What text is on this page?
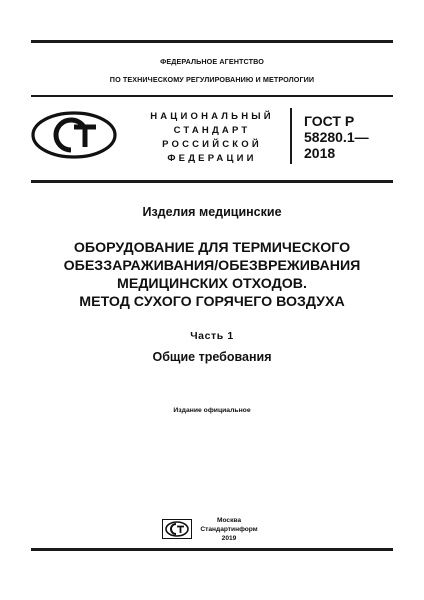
ФЕДЕРАЛЬНОЕ АГЕНТСТВО
ПО ТЕХНИЧЕСКОМУ РЕГУЛИРОВАНИЮ И МЕТРОЛОГИИ
НАЦИОНАЛЬНЫЙ
СТАНДАРТ
РОССИЙСКОЙ
ФЕДЕРАЦИИ
ГОСТ Р
58280.1—
2018
Изделия медицинские
ОБОРУДОВАНИЕ ДЛЯ ТЕРМИЧЕСКОГО
ОБЕЗЗАРАЖИВАНИЯ/ОБЕЗВРЕЖИВАНИЯ
МЕДИЦИНСКИХ ОТХОДОВ.
МЕТОД СУХОГО ГОРЯЧЕГО ВОЗДУХА
Часть 1
Общие требования
Издание официальное
Москва
Стандартинформ
2019
